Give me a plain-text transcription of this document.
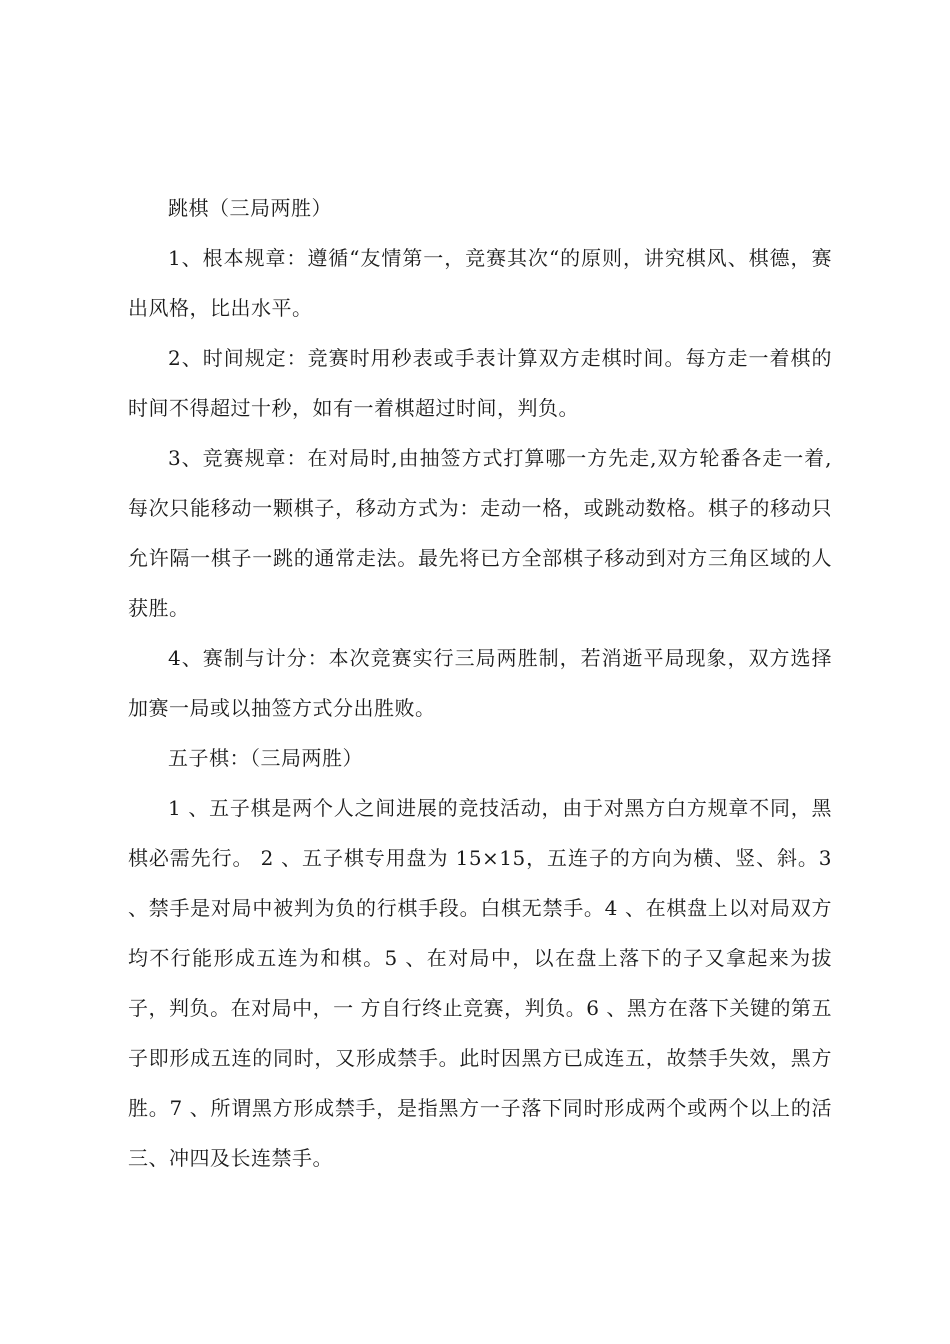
跳棋（三局两胜）

1、根本规章：遵循“友情第一，竞赛其次“的原则，讲究棋风、棋德，赛出风格，比出水平。

2、时间规定：竞赛时用秒表或手表计算双方走棋时间。每方走一着棋的时间不得超过十秒，如有一着棋超过时间，判负。

3、竞赛规章：在对局时,由抽签方式打算哪一方先走,双方轮番各走一着,每次只能移动一颗棋子，移动方式为：走动一格，或跳动数格。棋子的移动只允许隔一棋子一跳的通常走法。最先将已方全部棋子移动到对方三角区域的人获胜。

4、赛制与计分：本次竞赛实行三局两胜制，若消逝平局现象，双方选择加赛一局或以抽签方式分出胜败。

五子棋：（三局两胜）

1 、五子棋是两个人之间进展的竞技活动，由于对黑方白方规章不同，黑棋必需先行。 2 、五子棋专用盘为 15×15，五连子的方向为横、竖、斜。3 、禁手是对局中被判为负的行棋手段。白棋无禁手。4 、在棋盘上以对局双方均不行能形成五连为和棋。5 、在对局中，以在盘上落下的子又拿起来为拔子，判负。在对局中，一 方自行终止竞赛，判负。6 、黑方在落下关键的第五子即形成五连的同时，又形成禁手。此时因黑方已成连五，故禁手失效，黑方胜。7 、所谓黑方形成禁手，是指黑方一子落下同时形成两个或两个以上的活三、冲四及长连禁手。
